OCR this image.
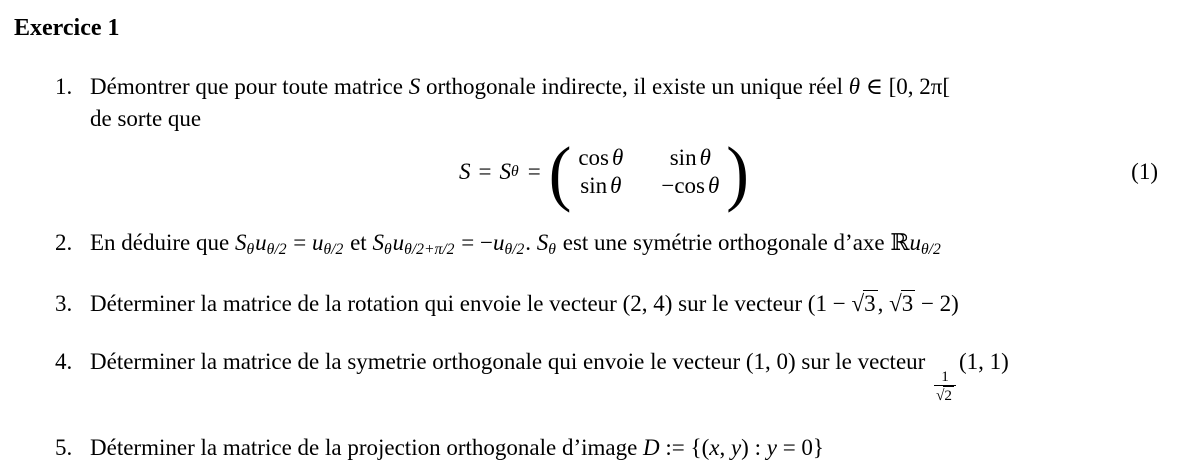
Exercice 1
1. Démontrer que pour toute matrice S orthogonale indirecte, il existe un unique réel θ ∈ [0, 2π[
de sorte que
S = S θ = ( cos θ	sin θ
sin θ −cos θ )	(1)
2. En déduire que Sθuθ/2 = uθ/2 et Sθuθ/2+π/2 = −uθ/2. Sθ est une symétrie orthogonale d’axe ℝuθ/2
3. Déterminer la matrice de la rotation qui envoie le vecteur (2, 4) sur le vecteur (1 − √3, √3 − 2)
4. Déterminer la matrice de la symetrie orthogonale qui envoie le vecteur (1, 0) sur le vecteur
$\frac{1}{√2}$
(1, 1)
5. Déterminer la matrice de la projection orthogonale d’image D := {(x, y) : y = 0}
